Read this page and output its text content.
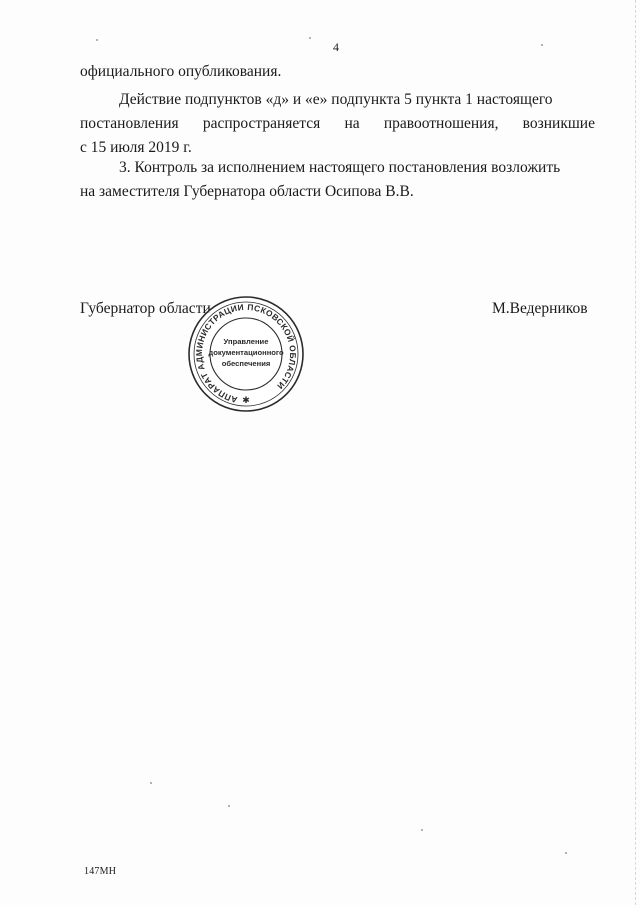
4
официального опубликования.
Действие подпунктов «д» и «е» подпункта 5 пункта 1 настоящего
постановления распространяется на правоотношения, возникшие
с 15 июля 2019 г.
3. Контроль за исполнением настоящего постановления возложить
на заместителя Губернатора области Осипова В.В.
Губернатор области	М.Ведерников
АППАРАТ АДМИНИСТРАЦИИ ПСКОВСКОЙ ОБЛАСТИ
Управление
документационного
обеспечения
✱
147МН
